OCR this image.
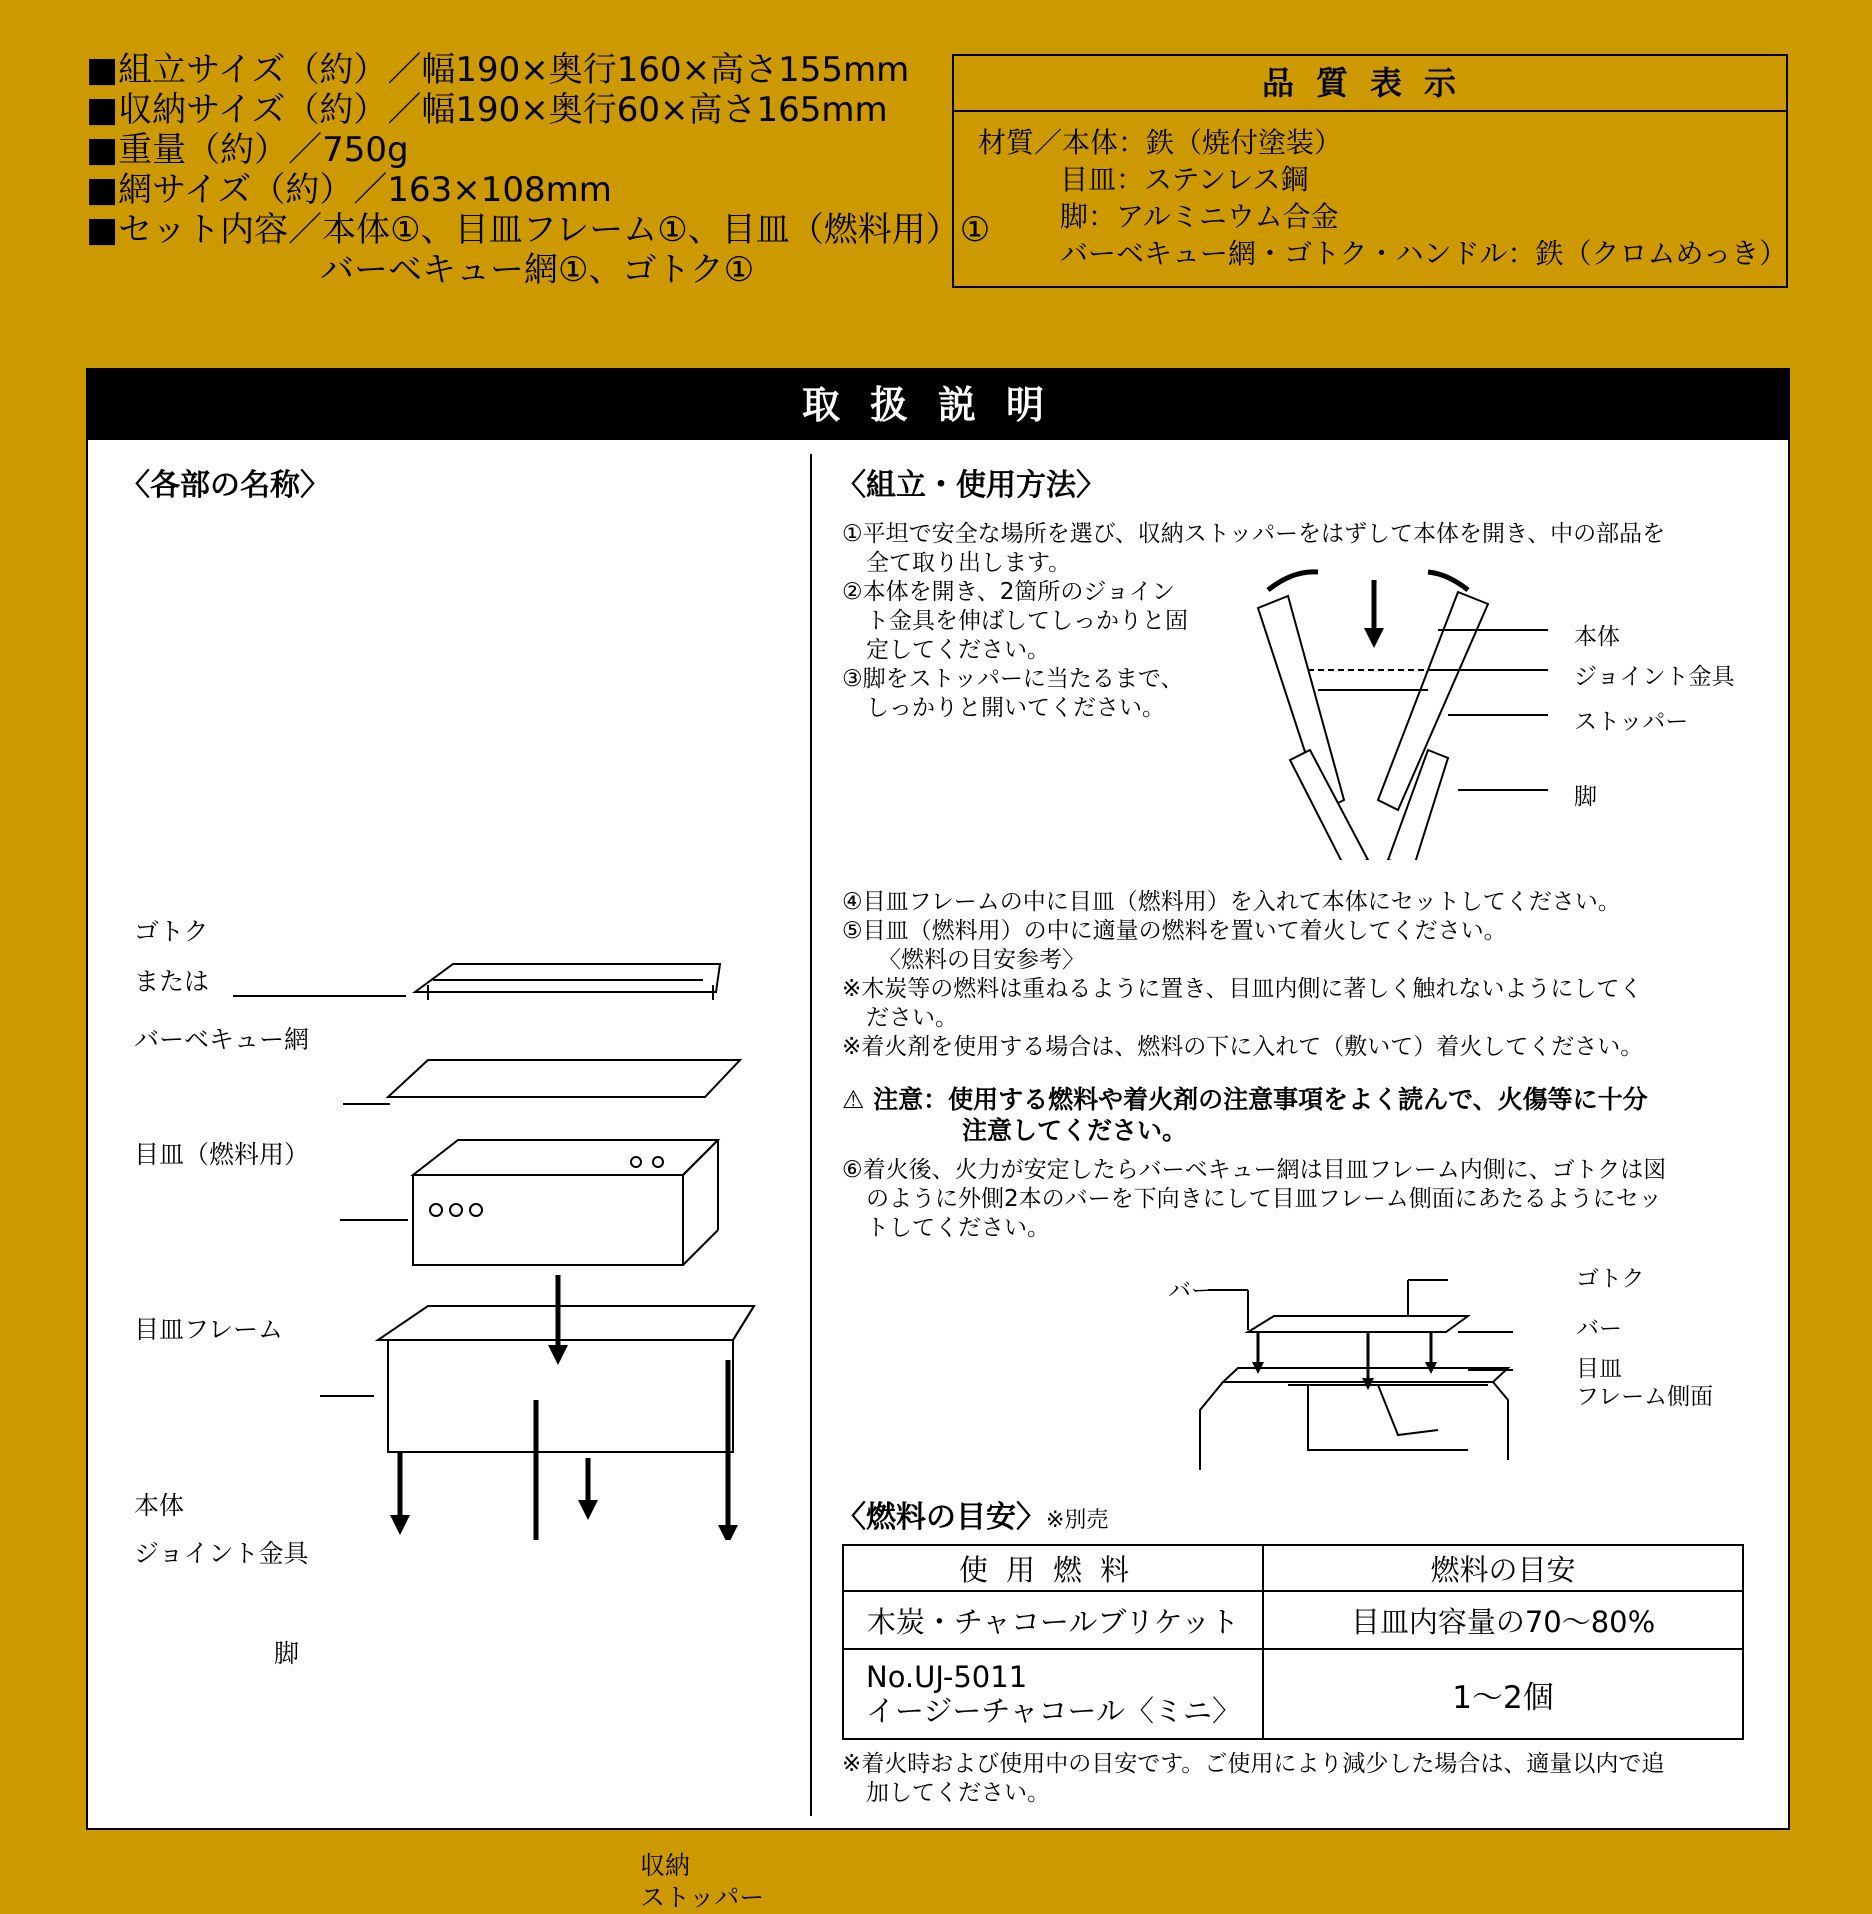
■組立サイズ（約）／幅190×奥行160×高さ155mm
■収納サイズ（約）／幅190×奥行60×高さ165mm
■重量（約）／750g
■網サイズ（約）／163×108mm
■セット内容／本体①、目皿フレーム①、目皿（燃料用）①
バーベキュー網①、ゴトク①
品質表示
材質／本体：鉄（焼付塗装）
目皿：ステンレス鋼
脚：アルミニウム合金
バーベキュー網・ゴトク・ハンドル：鉄（クロムめっき）
取扱説明
〈各部の名称〉
ゴトク
または
バーベキュー網
目皿（燃料用）
目皿フレーム
本体
ジョイント金具
脚
収納
ストッパー
〈組立・使用方法〉

①平坦で安全な場所を選び、収納ストッパーをはずして本体を開き、中の部品を

全て取り出します。

②本体を開き、2箇所のジョイン

ト金具を伸ばしてしっかりと固

定してください。

③脚をストッパーに当たるまで、

しっかりと開いてください。

本体
ジョイント金具
ストッパー
脚

④目皿フレームの中に目皿（燃料用）を入れて本体にセットしてください。

⑤目皿（燃料用）の中に適量の燃料を置いて着火してください。

〈燃料の目安参考〉

※木炭等の燃料は重ねるように置き、目皿内側に著しく触れないようにしてく

ださい。

※着火剤を使用する場合は、燃料の下に入れて（敷いて）着火してください。

⚠ 注意：使用する燃料や着火剤の注意事項をよく読んで、火傷等に十分

注意してください。

⑥着火後、火力が安定したらバーベキュー網は目皿フレーム内側に、ゴトクは図

のように外側2本のバーを下向きにして目皿フレーム側面にあたるようにセッ

トしてください。

バー	ゴトク
バー
目皿
フレーム側面
〈燃料の目安〉※別売
使用燃料	燃料の目安
木炭・チャコールブリケット	目皿内容量の70～80%

No.UJ-5011
イージーチャコール〈ミニ〉	1～2個
※着火時および使用中の目安です。ご使用により減少した場合は、適量以内で追
加してください。
